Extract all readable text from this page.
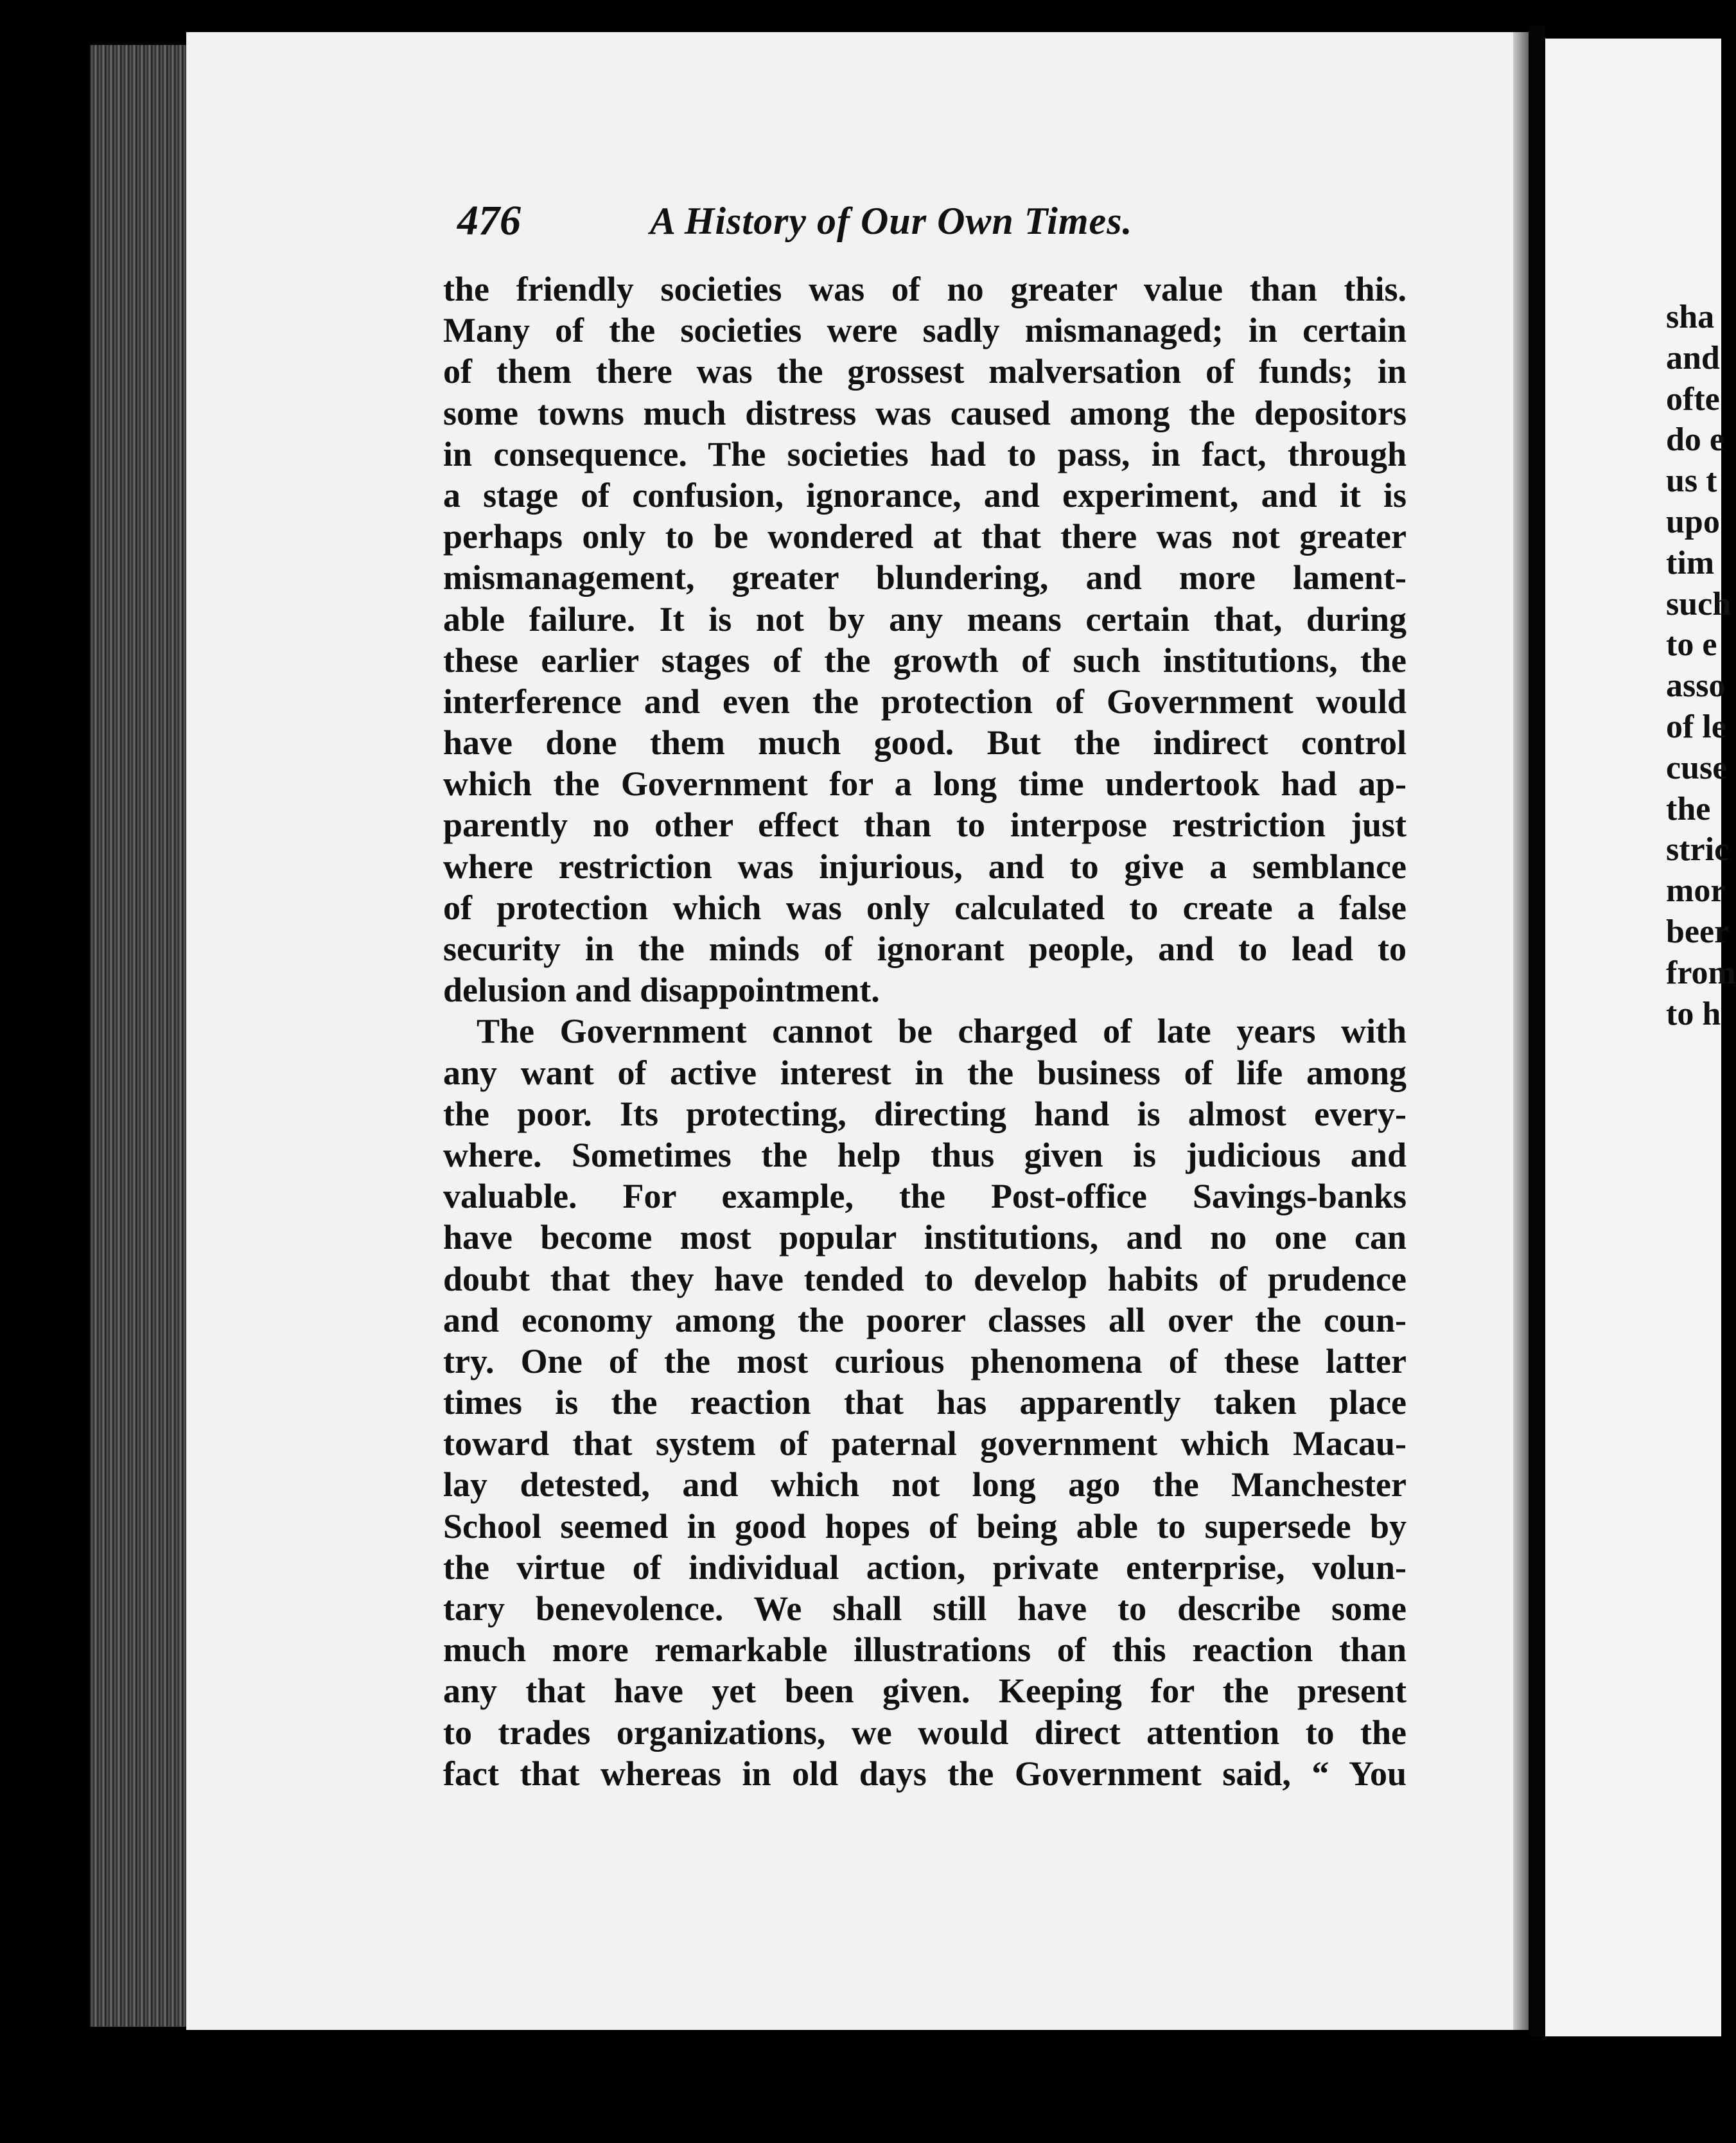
476	A History of Our Own Times.
the friendly societies was of no greater value than this.
Many of the societies were sadly mismanaged; in certain
of them there was the grossest malversation of funds; in
some towns much distress was caused among the depositors
in consequence. The societies had to pass, in fact, through
a stage of confusion, ignorance, and experiment, and it is
perhaps only to be wondered at that there was not greater
mismanagement, greater blundering, and more lament-
able failure. It is not by any means certain that, during
these earlier stages of the growth of such institutions, the
interference and even the protection of Government would
have done them much good. But the indirect control
which the Government for a long time undertook had ap-
parently no other effect than to interpose restriction just
where restriction was injurious, and to give a semblance
of protection which was only calculated to create a false
security in the minds of ignorant people, and to lead to
delusion and disappointment.
The Government cannot be charged of late years with
any want of active interest in the business of life among
the poor. Its protecting, directing hand is almost every-
where. Sometimes the help thus given is judicious and
valuable. For example, the Post-office Savings-banks
have become most popular institutions, and no one can
doubt that they have tended to develop habits of prudence
and economy among the poorer classes all over the coun-
try. One of the most curious phenomena of these latter
times is the reaction that has apparently taken place
toward that system of paternal government which Macau-
lay detested, and which not long ago the Manchester
School seemed in good hopes of being able to supersede by
the virtue of individual action, private enterprise, volun-
tary benevolence. We shall still have to describe some
much more remarkable illustrations of this reaction than
any that have yet been given. Keeping for the present
to trades organizations, we would direct attention to the
fact that whereas in old days the Government said, “ You
sha
and
ofte
do e
us t
upo
tim
such
to e
asso
of le
cuse
the
stric
mor
beer
from
to h
